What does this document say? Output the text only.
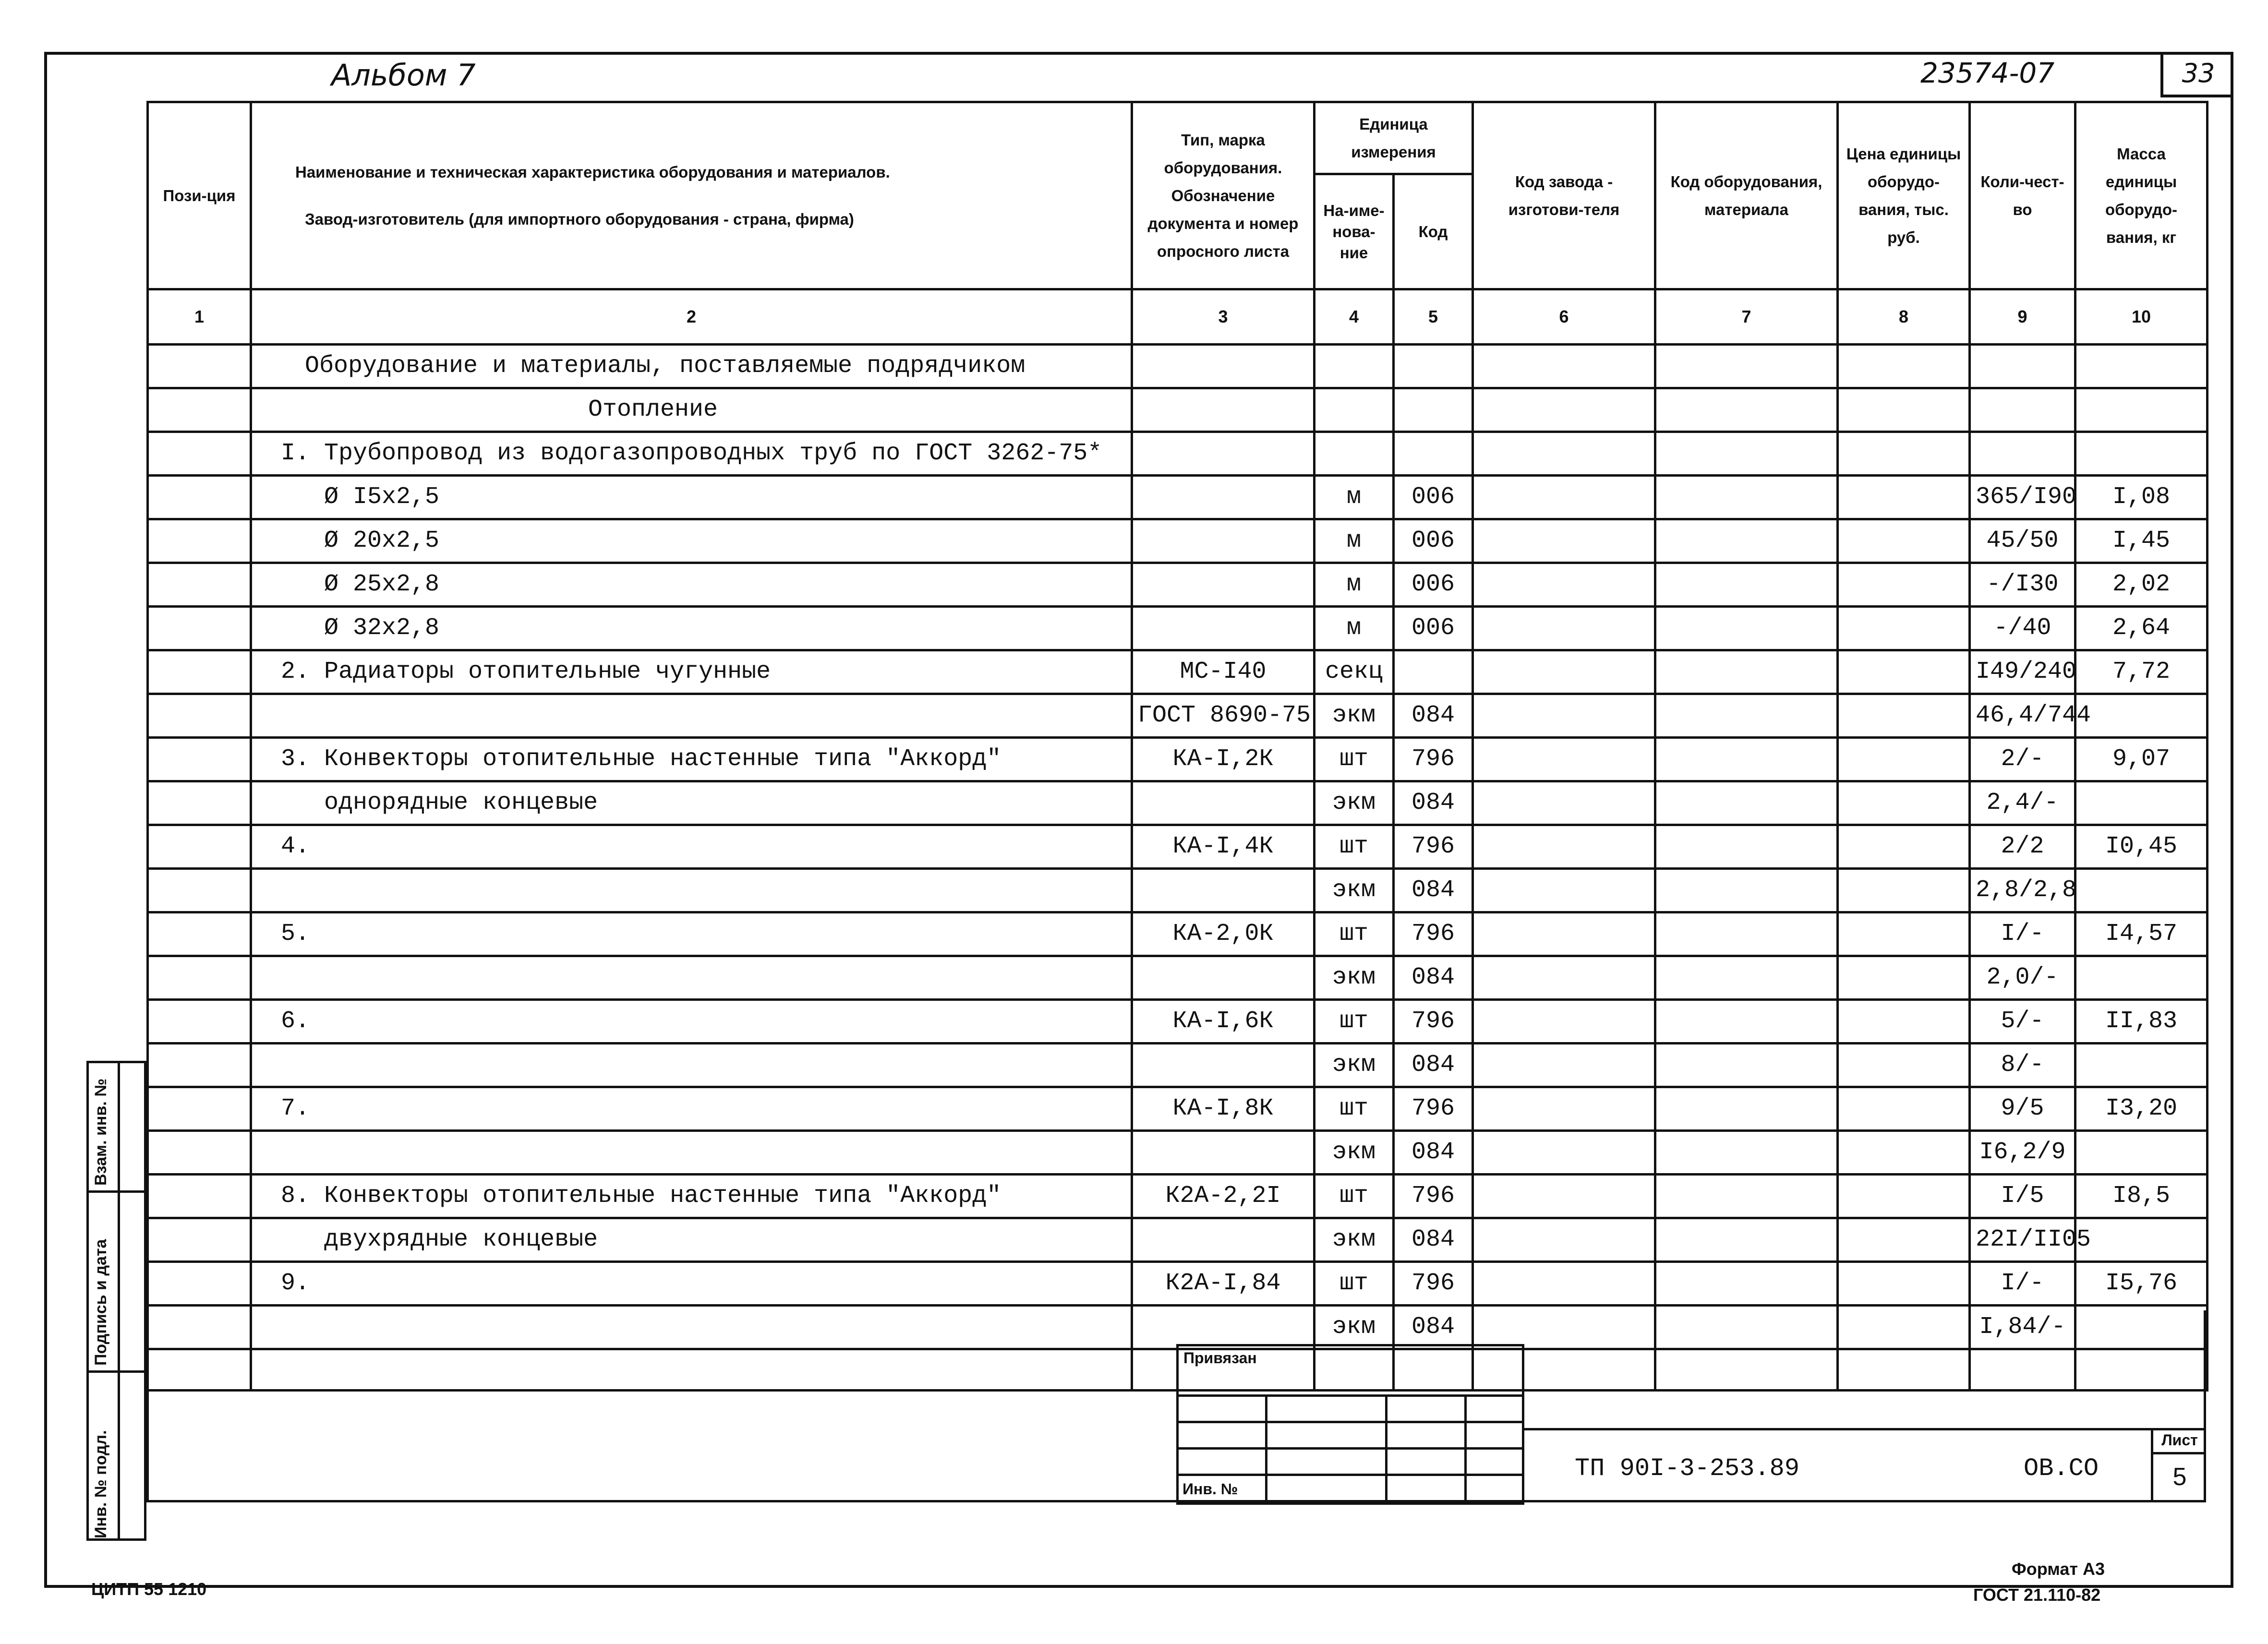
Альбом 7	23574-07	33
Пози-ция	Наименование и техническая характеристика оборудования и материалов.
Завод-изготовитель (для импортного оборудования - страна, фирма)	Тип, марка оборудования. Обозначение документа и номер опросного листа	Единица измерения		Код завода - изготови-теля	Код оборудования, материала	Цена единицы оборудо-вания, тыс. руб.	Коли-чест-во	Масса единицы оборудо-вания, кг
			На-име-нова-ние	Код					
1	2	3	4	5	6	7	8	9	10
	Оборудование и материалы, поставляемые подрядчиком								
	Отопление								
	I. Трубопровод из водогазопроводных труб по ГОСТ 3262-75*								
	Ø I5x2,5		м	006				365/I90	I,08
	Ø 20x2,5		м	006				45/50	I,45
	Ø 25x2,8		м	006				-/I30	2,02
	Ø 32x2,8		м	006				-/40	2,64
	2. Радиаторы отопительные чугунные	МС-I40	секц					I49/240	7,72
		ГОСТ 8690-75	экм	084				46,4/744	
	3. Конвекторы отопительные настенные типа "Аккорд"	КА-I,2К	шт	796				2/-	9,07
	однорядные концевые		экм	084				2,4/-	
	4.	КА-I,4К	шт	796				2/2	I0,45
			экм	084				2,8/2,8	
	5.	КА-2,0К	шт	796				I/-	I4,57
			экм	084				2,0/-	
	6.	КА-I,6К	шт	796				5/-	II,83
			экм	084				8/-	
	7.	КА-I,8К	шт	796				9/5	I3,20
			экм	084				I6,2/9	
	8. Конвекторы отопительные настенные типа "Аккорд"	К2А-2,2I	шт	796				I/5	I8,5
	двухрядные концевые		экм	084				22I/II05	
	9.	К2А-I,84	шт	796				I/-	I5,76
			экм	084				I,84/-	

Взам. инв. №
Подпись и дата
Инв. № подл.
Привязан			

Инв. №			
ТП 90I-3-253.89	ОВ.СО
Лист
5
ЦИТП 55 1210
Формат А3
ГОСТ 21.110-82
